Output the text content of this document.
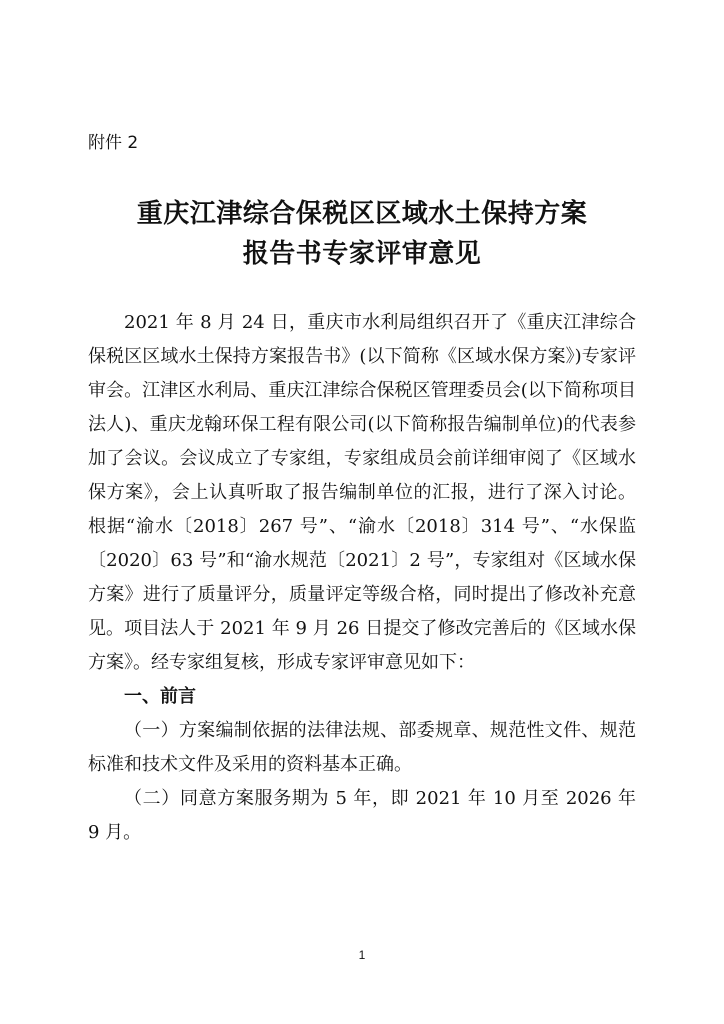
附件 2
重庆江津综合保税区区域水土保持方案
报告书专家评审意见

2021 年 8 月 24 日，重庆市水利局组织召开了《重庆江津综合保税区区域水土保持方案报告书》(以下简称《区域水保方案》)专家评审会。江津区水利局、重庆江津综合保税区管理委员会(以下简称项目法人)、重庆龙翰环保工程有限公司(以下简称报告编制单位)的代表参加了会议。会议成立了专家组，专家组成员会前详细审阅了《区域水保方案》，会上认真听取了报告编制单位的汇报，进行了深入讨论。根据“渝水〔2018〕267 号”、“渝水〔2018〕314 号”、“水保监〔2020〕63 号”和“渝水规范〔2021〕2 号”，专家组对《区域水保方案》进行了质量评分，质量评定等级合格，同时提出了修改补充意见。项目法人于 2021 年 9 月 26 日提交了修改完善后的《区域水保方案》。经专家组复核，形成专家评审意见如下：

一、前言

（一）方案编制依据的法律法规、部委规章、规范性文件、规范标准和技术文件及采用的资料基本正确。

（二）同意方案服务期为 5 年，即 2021 年 10 月至 2026 年 9 月。

1
